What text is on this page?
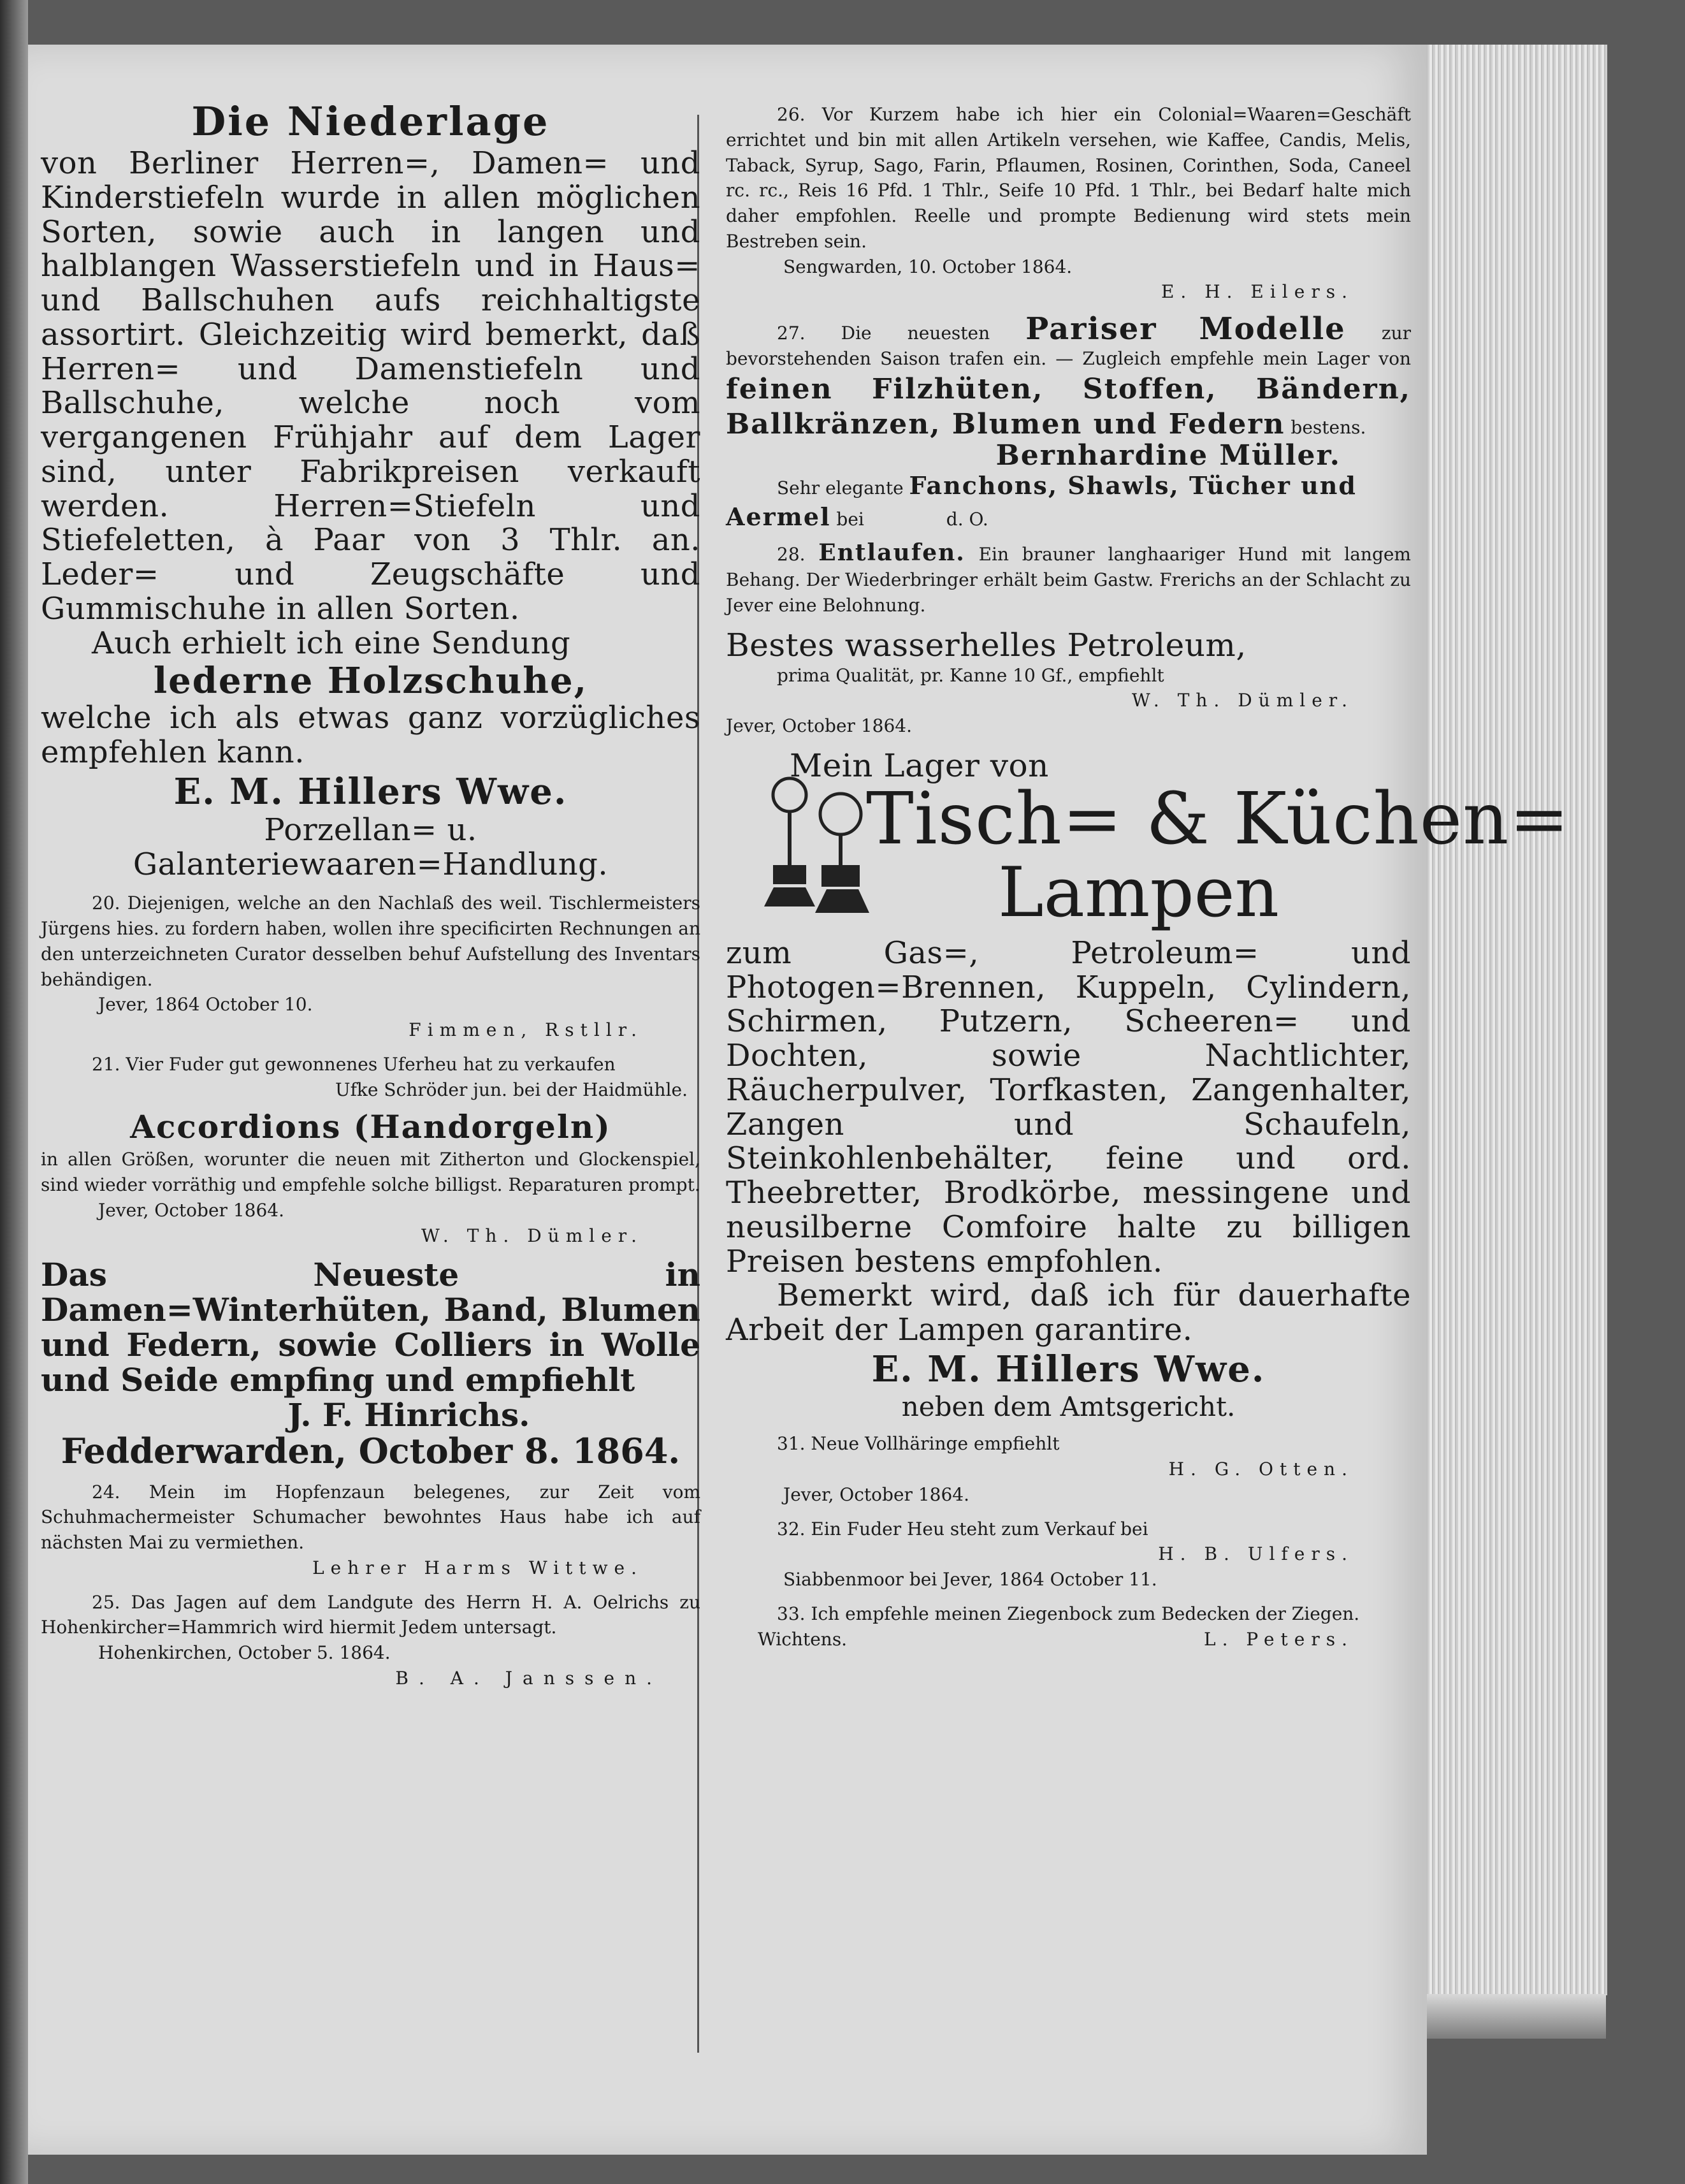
Die Niederlage

von Berliner Herren=, Damen= und Kinderstiefeln wurde in allen möglichen Sorten, sowie auch in langen und halblangen Wasserstiefeln und in Haus= und Ballschuhen aufs reichhaltigste assortirt. Gleichzeitig wird bemerkt, daß Herren= und Damenstiefeln und Ballschuhe, welche noch vom vergangenen Frühjahr auf dem Lager sind, unter Fabrikpreisen verkauft werden. Herren=Stiefeln und Stiefeletten, à Paar von 3 Thlr. an. Leder= und Zeugschäfte und Gummischuhe in allen Sorten.

Auch erhielt ich eine Sendung

lederne Holzschuhe,

welche ich als etwas ganz vorzügliches empfehlen kann.

E. M. Hillers Wwe.

Porzellan= u. Galanteriewaaren=Handlung.

20. Diejenigen, welche an den Nachlaß des weil. Tischlermeisters Jürgens hies. zu fordern haben, wollen ihre specificirten Rechnungen an den unterzeichneten Curator desselben behuf Aufstellung des Inventars behändigen.

Jever, 1864 October 10.

Fimmen, Rstllr.

21. Vier Fuder gut gewonnenes Uferheu hat zu verkaufen

Ufke Schröder jun. bei der Haidmühle.

Accordions (Handorgeln)

in allen Größen, worunter die neuen mit Zitherton und Glockenspiel, sind wieder vorräthig und empfehle solche billigst. Reparaturen prompt.

Jever, October 1864.

W. Th. Dümler.

Das Neueste in Damen=Winterhüten, Band, Blumen und Federn, sowie Colliers in Wolle und Seide empfing und empfiehlt

J. F. Hinrichs.

Fedderwarden, October 8. 1864.

24. Mein im Hopfenzaun belegenes, zur Zeit vom Schuhmachermeister Schumacher bewohntes Haus habe ich auf nächsten Mai zu vermiethen.

Lehrer Harms Wittwe.

25. Das Jagen auf dem Landgute des Herrn H. A. Oelrichs zu Hohenkircher=Hammrich wird hiermit Jedem untersagt.

Hohenkirchen, October 5. 1864.

B. A. Janssen.

26. Vor Kurzem habe ich hier ein Colonial=Waaren=Geschäft errichtet und bin mit allen Artikeln versehen, wie Kaffee, Candis, Melis, Taback, Syrup, Sago, Farin, Pflaumen, Rosinen, Corinthen, Soda, Caneel rc. rc., Reis 16 Pfd. 1 Thlr., Seife 10 Pfd. 1 Thlr., bei Bedarf halte mich daher empfohlen. Reelle und prompte Bedienung wird stets mein Bestreben sein.

Sengwarden, 10. October 1864.

E. H. Eilers.

27. Die neuesten Pariser Modelle zur bevorstehenden Saison trafen ein. — Zugleich empfehle mein Lager von feinen Filzhüten, Stoffen, Bändern, Ballkränzen, Blumen und Federn bestens.

Bernhardine Müller.

Sehr elegante Fanchons, Shawls, Tücher und Aermel bei	d. O.

28. Entlaufen. Ein brauner langhaariger Hund mit langem Behang. Der Wiederbringer erhält beim Gastw. Frerichs an der Schlacht zu Jever eine Belohnung.

Bestes wasserhelles Petroleum,

prima Qualität, pr. Kanne 10 Gf., empfiehlt

W. Th. Dümler.

Jever, October 1864.

Mein Lager von

Tisch= & Küchen=

Lampen

zum Gas=, Petroleum= und Photogen=Brennen, Kuppeln, Cylindern, Schirmen, Putzern, Scheeren= und Dochten, sowie Nachtlichter, Räucherpulver, Torfkasten, Zangenhalter, Zangen und Schaufeln, Steinkohlenbehälter, feine und ord. Theebretter, Brodkörbe, messingene und neusilberne Comfoire halte zu billigen Preisen bestens empfohlen.

Bemerkt wird, daß ich für dauerhafte Arbeit der Lampen garantire.

E. M. Hillers Wwe.

neben dem Amtsgericht.

31. Neue Vollhäringe empfiehlt

H. G. Otten.

Jever, October 1864.

32. Ein Fuder Heu steht zum Verkauf bei

H. B. Ulfers.

Siabbenmoor bei Jever, 1864 October 11.

33. Ich empfehle meinen Ziegenbock zum Bedecken der Ziegen.

Wichtens.	L. Peters.
